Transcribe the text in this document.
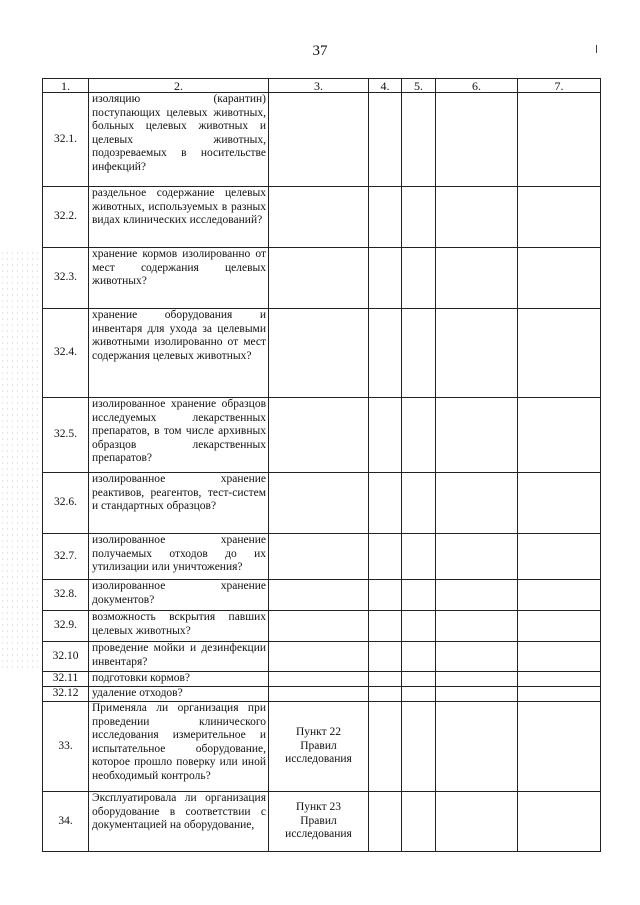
37
1.	2.	3.	4.	5.	6.	7.
32.1.	изоляцию (карантин) поступающих целевых животных, больных целевых животных и целевых животных, подозреваемых в носительстве инфекций?					
32.2.	раздельное содержание целевых животных, используемых в разных видах клинических исследований?					
32.3.	хранение кормов изолированно от мест содержания целевых животных?					
32.4.	хранение оборудования и инвентаря для ухода за целевыми животными изолированно от мест содержания целевых животных?					
32.5.	изолированное хранение образцов исследуемых лекарственных препаратов, в том числе архивных образцов лекарственных препаратов?					
32.6.	изолированное хранение реактивов, реагентов, тест-систем и стандартных образцов?					
32.7.	изолированное хранение получаемых отходов до их утилизации или уничтожения?					
32.8.	изолированное хранение документов?					
32.9.	возможность вскрытия павших целевых животных?					
32.10	проведение мойки и дезинфекции инвентаря?					
32.11	подготовки кормов?					
32.12	удаление отходов?					
33.	Применяла ли организация при проведении клинического исследования измерительное и испытательное оборудование, которое прошло поверку или иной необходимый контроль?	Пункт 22
Правил
исследования				
34.	Эксплуатировала ли организация оборудование в соответствии с документацией на оборудование,	Пункт 23
Правил
исследования				
